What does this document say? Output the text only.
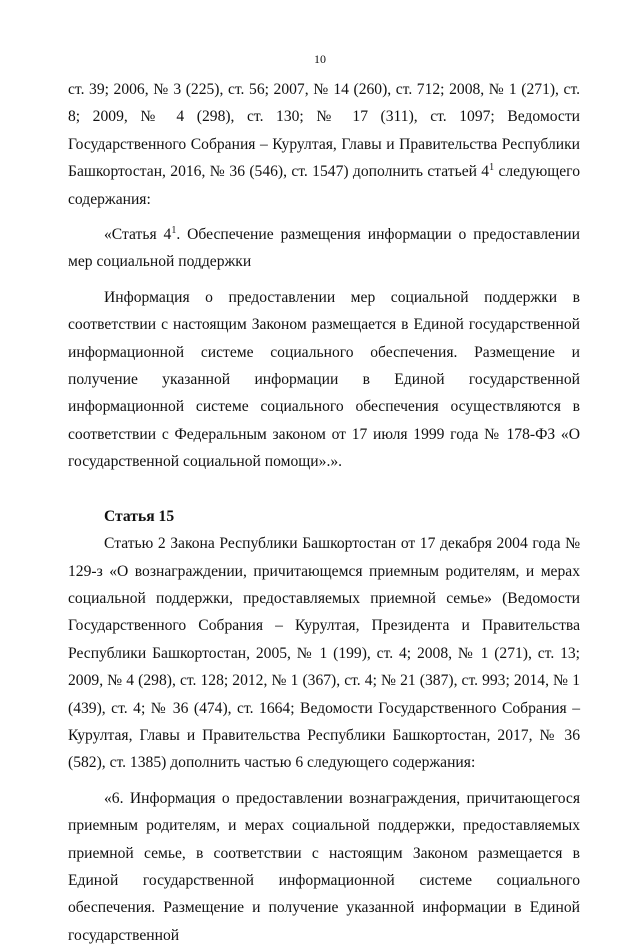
10

ст. 39; 2006, № 3 (225), ст. 56; 2007, № 14 (260), ст. 712; 2008, № 1 (271), ст. 8; 2009, № 4 (298), ст. 130; № 17 (311), ст. 1097; Ведомости Государственного Собрания – Курултая, Главы и Правительства Республики Башкортостан, 2016, № 36 (546), ст. 1547) дополнить статьей $4^1$ следующего содержания:

«Статья $4^1$. Обеспечение размещения информации о предоставлении мер социальной поддержки

Информация о предоставлении мер социальной поддержки в соответствии с настоящим Законом размещается в Единой государственной информационной системе социального обеспечения. Размещение и получение указанной информации в Единой государственной информационной системе социального обеспечения осуществляются в соответствии с Федеральным законом от 17 июля 1999 года № 178-ФЗ «О государственной социальной помощи».».

Статья 15

Статью 2 Закона Республики Башкортостан от 17 декабря 2004 года № 129-з «О вознаграждении, причитающемся приемным родителям, и мерах социальной поддержки, предоставляемых приемной семье» (Ведомости Государственного Собрания – Курултая, Президента и Правительства Республики Башкортостан, 2005, № 1 (199), ст. 4; 2008, № 1 (271), ст. 13; 2009, № 4 (298), ст. 128; 2012, № 1 (367), ст. 4; № 21 (387), ст. 993; 2014, № 1 (439), ст. 4; № 36 (474), ст. 1664; Ведомости Государственного Собрания – Курултая, Главы и Правительства Республики Башкортостан, 2017, № 36 (582), ст. 1385) дополнить частью 6 следующего содержания:

«6. Информация о предоставлении вознаграждения, причитающегося приемным родителям, и мерах социальной поддержки, предоставляемых приемной семье, в соответствии с настоящим Законом размещается в Единой государственной информационной системе социального обеспечения. Размещение и получение указанной информации в Единой государственной
